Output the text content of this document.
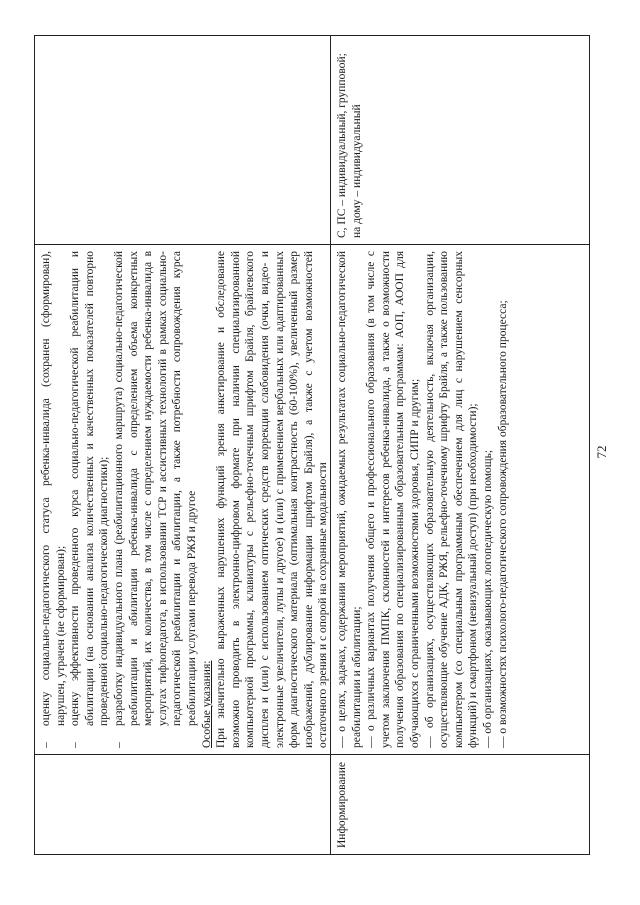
72
–
оценку социально-педагогического статуса ребенка-инвалида (сохранен (сформирован), нарушен, утрачен (не сформирован);
–
оценку эффективности проведенного курса социально-педагогической реабилитации и абилитации (на основании анализа количественных и качественных показателей повторно проведенной социально-педагогической диагностики);
–
разработку индивидуального плана (реабилитационного маршрута) социально-педагогической реабилитации и абилитации ребенка-инвалида с определением объема конкретных мероприятий, их количества, в том числе с определением нуждаемости ребенка-инвалида в услугах тифлопедагога, в использовании ТСР и ассистивных технологий в рамках социально-педагогической реабилитации и абилитации, а также потребности сопровождения курса реабилитации услугами перевода РЖЯ и другое Особые указания: При значительно выраженных нарушениях функций зрения анкетирование и обследование возможно проводить в электронно-цифровом формате при наличии специализированной компьютерной программы, клавиатуры с рельефно-точечным шрифтом Брайля, брайлевского дисплея и (или) с использованием оптических средств коррекции слабовидения (очки, видео- и электронные увеличители, лупы и другое) и (или) с применением вербальных или адаптированных форм диагностического материала (оптимальная контрастность (60-100%), увеличенный размер изображений, дублирование информации шрифтом Брайля), а также с учетом возможностей остаточного зрения и с опорой на сохранные модальности

Информирование

— о целях, задачах, содержании мероприятий, ожидаемых результатах социально-педагогической реабилитации и абилитации; — о различных вариантах получения общего и профессионального образования (в том числе с учетом заключения ПМПК, склонностей и интересов ребенка-инвалида, а также о возможности получения образования по специализированным образовательным программам: АОП, АООП для обучающихся с ограниченными возможностями здоровья, СИПР и другим; — об организациях, осуществляющих образовательную деятельность, включая организации, осуществляющие обучение АДК, РЖЯ, рельефно-точечному шрифту Брайля, а также пользованию компьютером (со специальным программным обеспечением для лиц с нарушением сенсорных функций) и смартфоном (невизуальный доступ) (при необходимости); — об организациях, оказывающих логопедическую помощь; — о возможностях психолого-педагогического сопровождения образовательного процесса;

С, ПС – индивидуальный, групповой; на дому – индивидуальный
